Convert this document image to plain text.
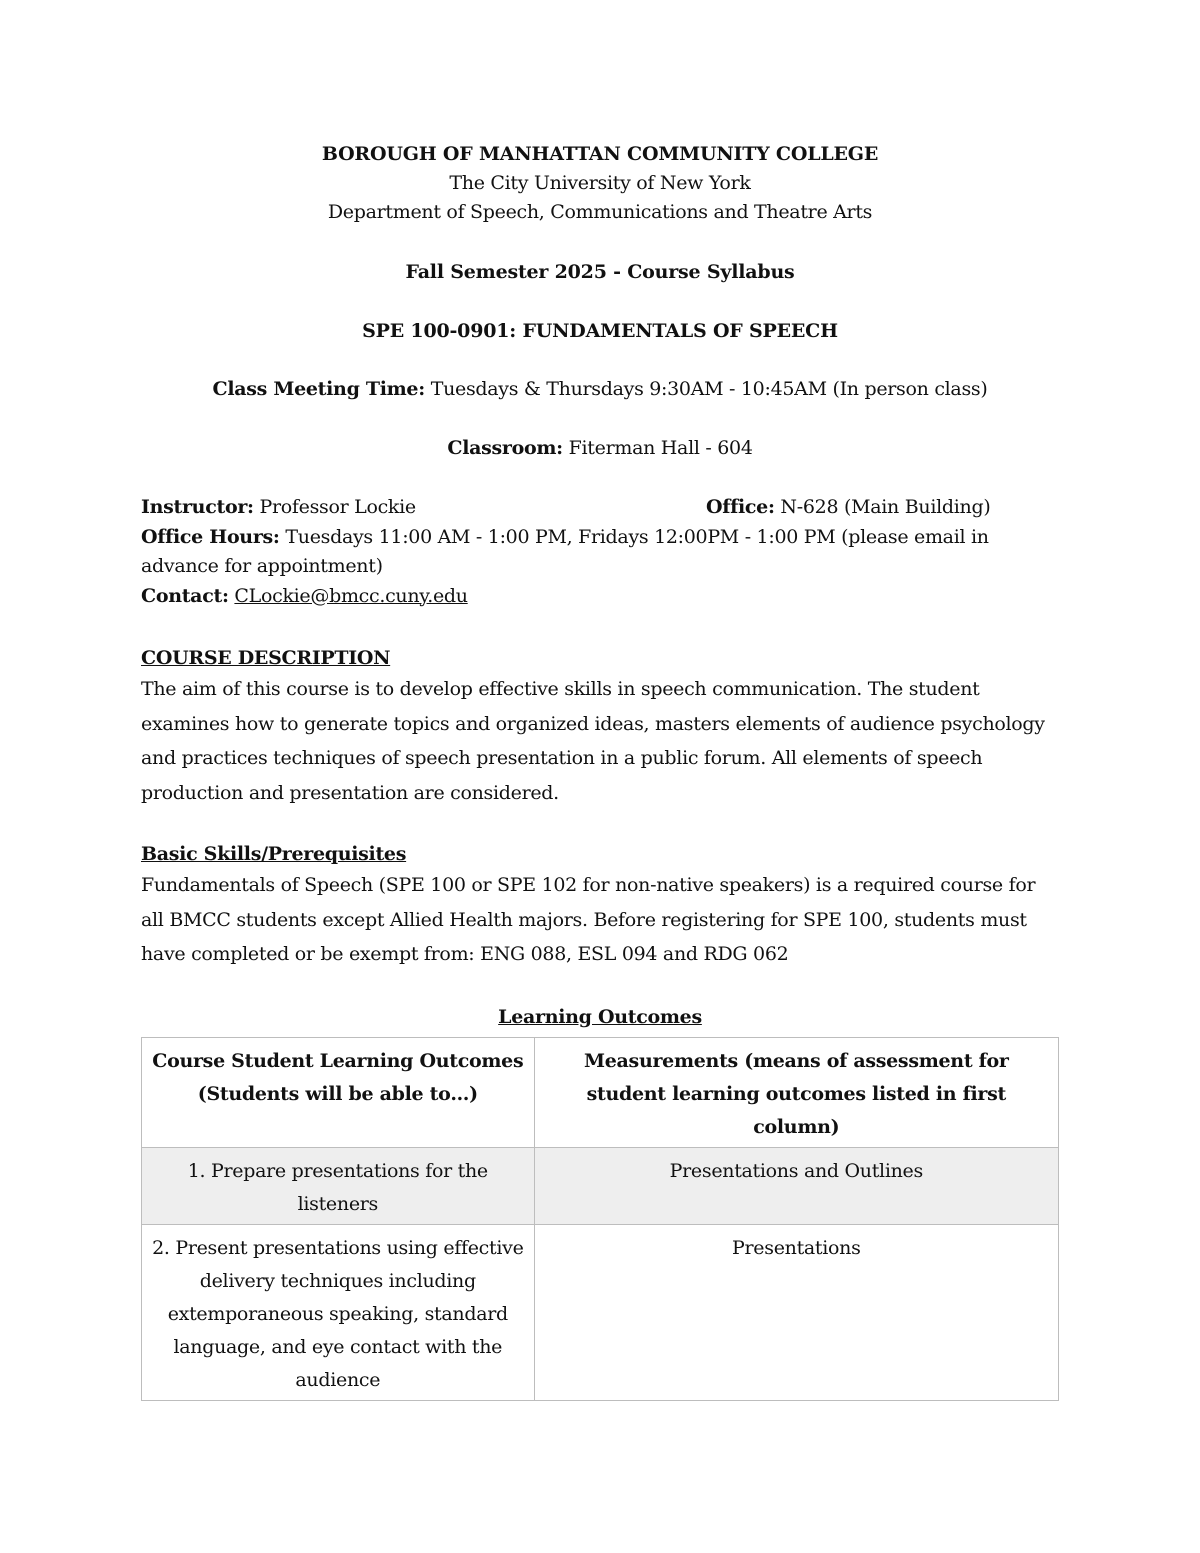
BOROUGH OF MANHATTAN COMMUNITY COLLEGE
The City University of New York
Department of Speech, Communications and Theatre Arts
Fall Semester 2025 - Course Syllabus
SPE 100-0901: FUNDAMENTALS OF SPEECH
Class Meeting Time: Tuesdays & Thursdays 9:30AM - 10:45AM (In person class)
Classroom: Fiterman Hall - 604
Instructor: Professor Lockie	Office: N-628 (Main Building)
Office Hours: Tuesdays 11:00 AM - 1:00 PM, Fridays 12:00PM - 1:00 PM (please email in advance for appointment)
Contact: CLockie@bmcc.cuny.edu
COURSE DESCRIPTION
The aim of this course is to develop effective skills in speech communication. The student examines how to generate topics and organized ideas, masters elements of audience psychology and practices techniques of speech presentation in a public forum. All elements of speech production and presentation are considered.
Basic Skills/Prerequisites
Fundamentals of Speech (SPE 100 or SPE 102 for non-native speakers) is a required course for all BMCC students except Allied Health majors. Before registering for SPE 100, students must have completed or be exempt from: ENG 088, ESL 094 and RDG 062
Learning Outcomes
Course Student Learning Outcomes (Students will be able to…)	Measurements (means of assessment for student learning outcomes listed in first column)
1. Prepare presentations for the listeners	Presentations and Outlines
2. Present presentations using effective delivery techniques including extemporaneous speaking, standard language, and eye contact with the audience	Presentations
